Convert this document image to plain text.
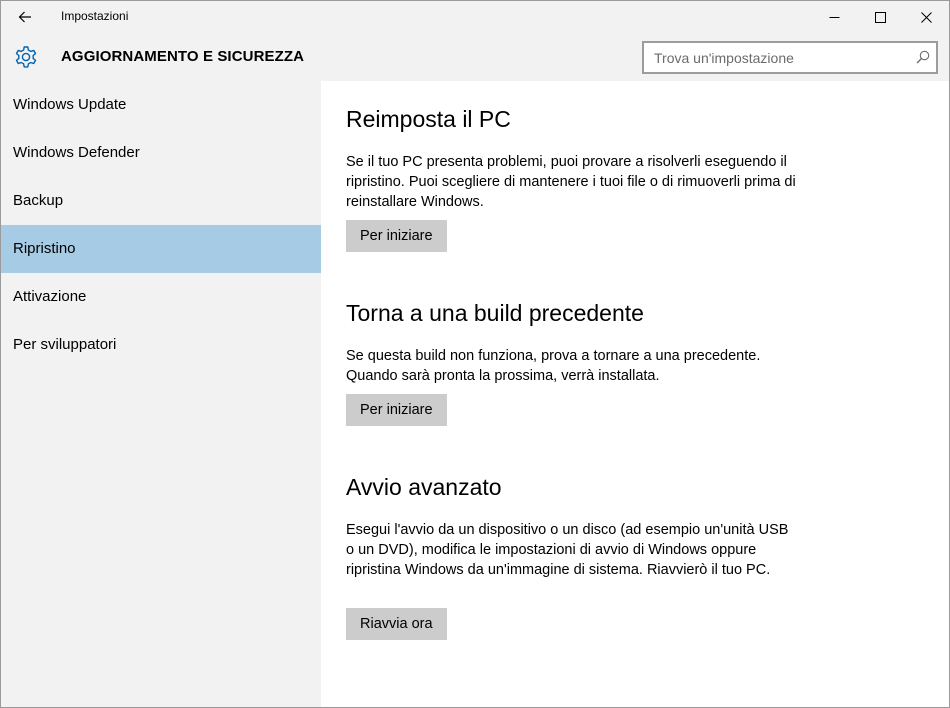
Impostazioni
AGGIORNAMENTO E SICUREZZA
Trova un'impostazione
Windows Update
Windows Defender
Backup
Ripristino
Attivazione
Per sviluppatori
Reimposta il PC

Se il tuo PC presenta problemi, puoi provare a risolverli eseguendo il ripristino. Puoi scegliere di mantenere i tuoi file o di rimuoverli prima di reinstallare Windows.

Per iniziare
Torna a una build precedente

Se questa build non funziona, prova a tornare a una precedente. Quando sarà pronta la prossima, verrà installata.

Per iniziare
Avvio avanzato

Esegui l'avvio da un dispositivo o un disco (ad esempio un'unità USB o un DVD), modifica le impostazioni di avvio di Windows oppure ripristina Windows da un'immagine di sistema. Riavvierò il tuo PC.

Riavvia ora
